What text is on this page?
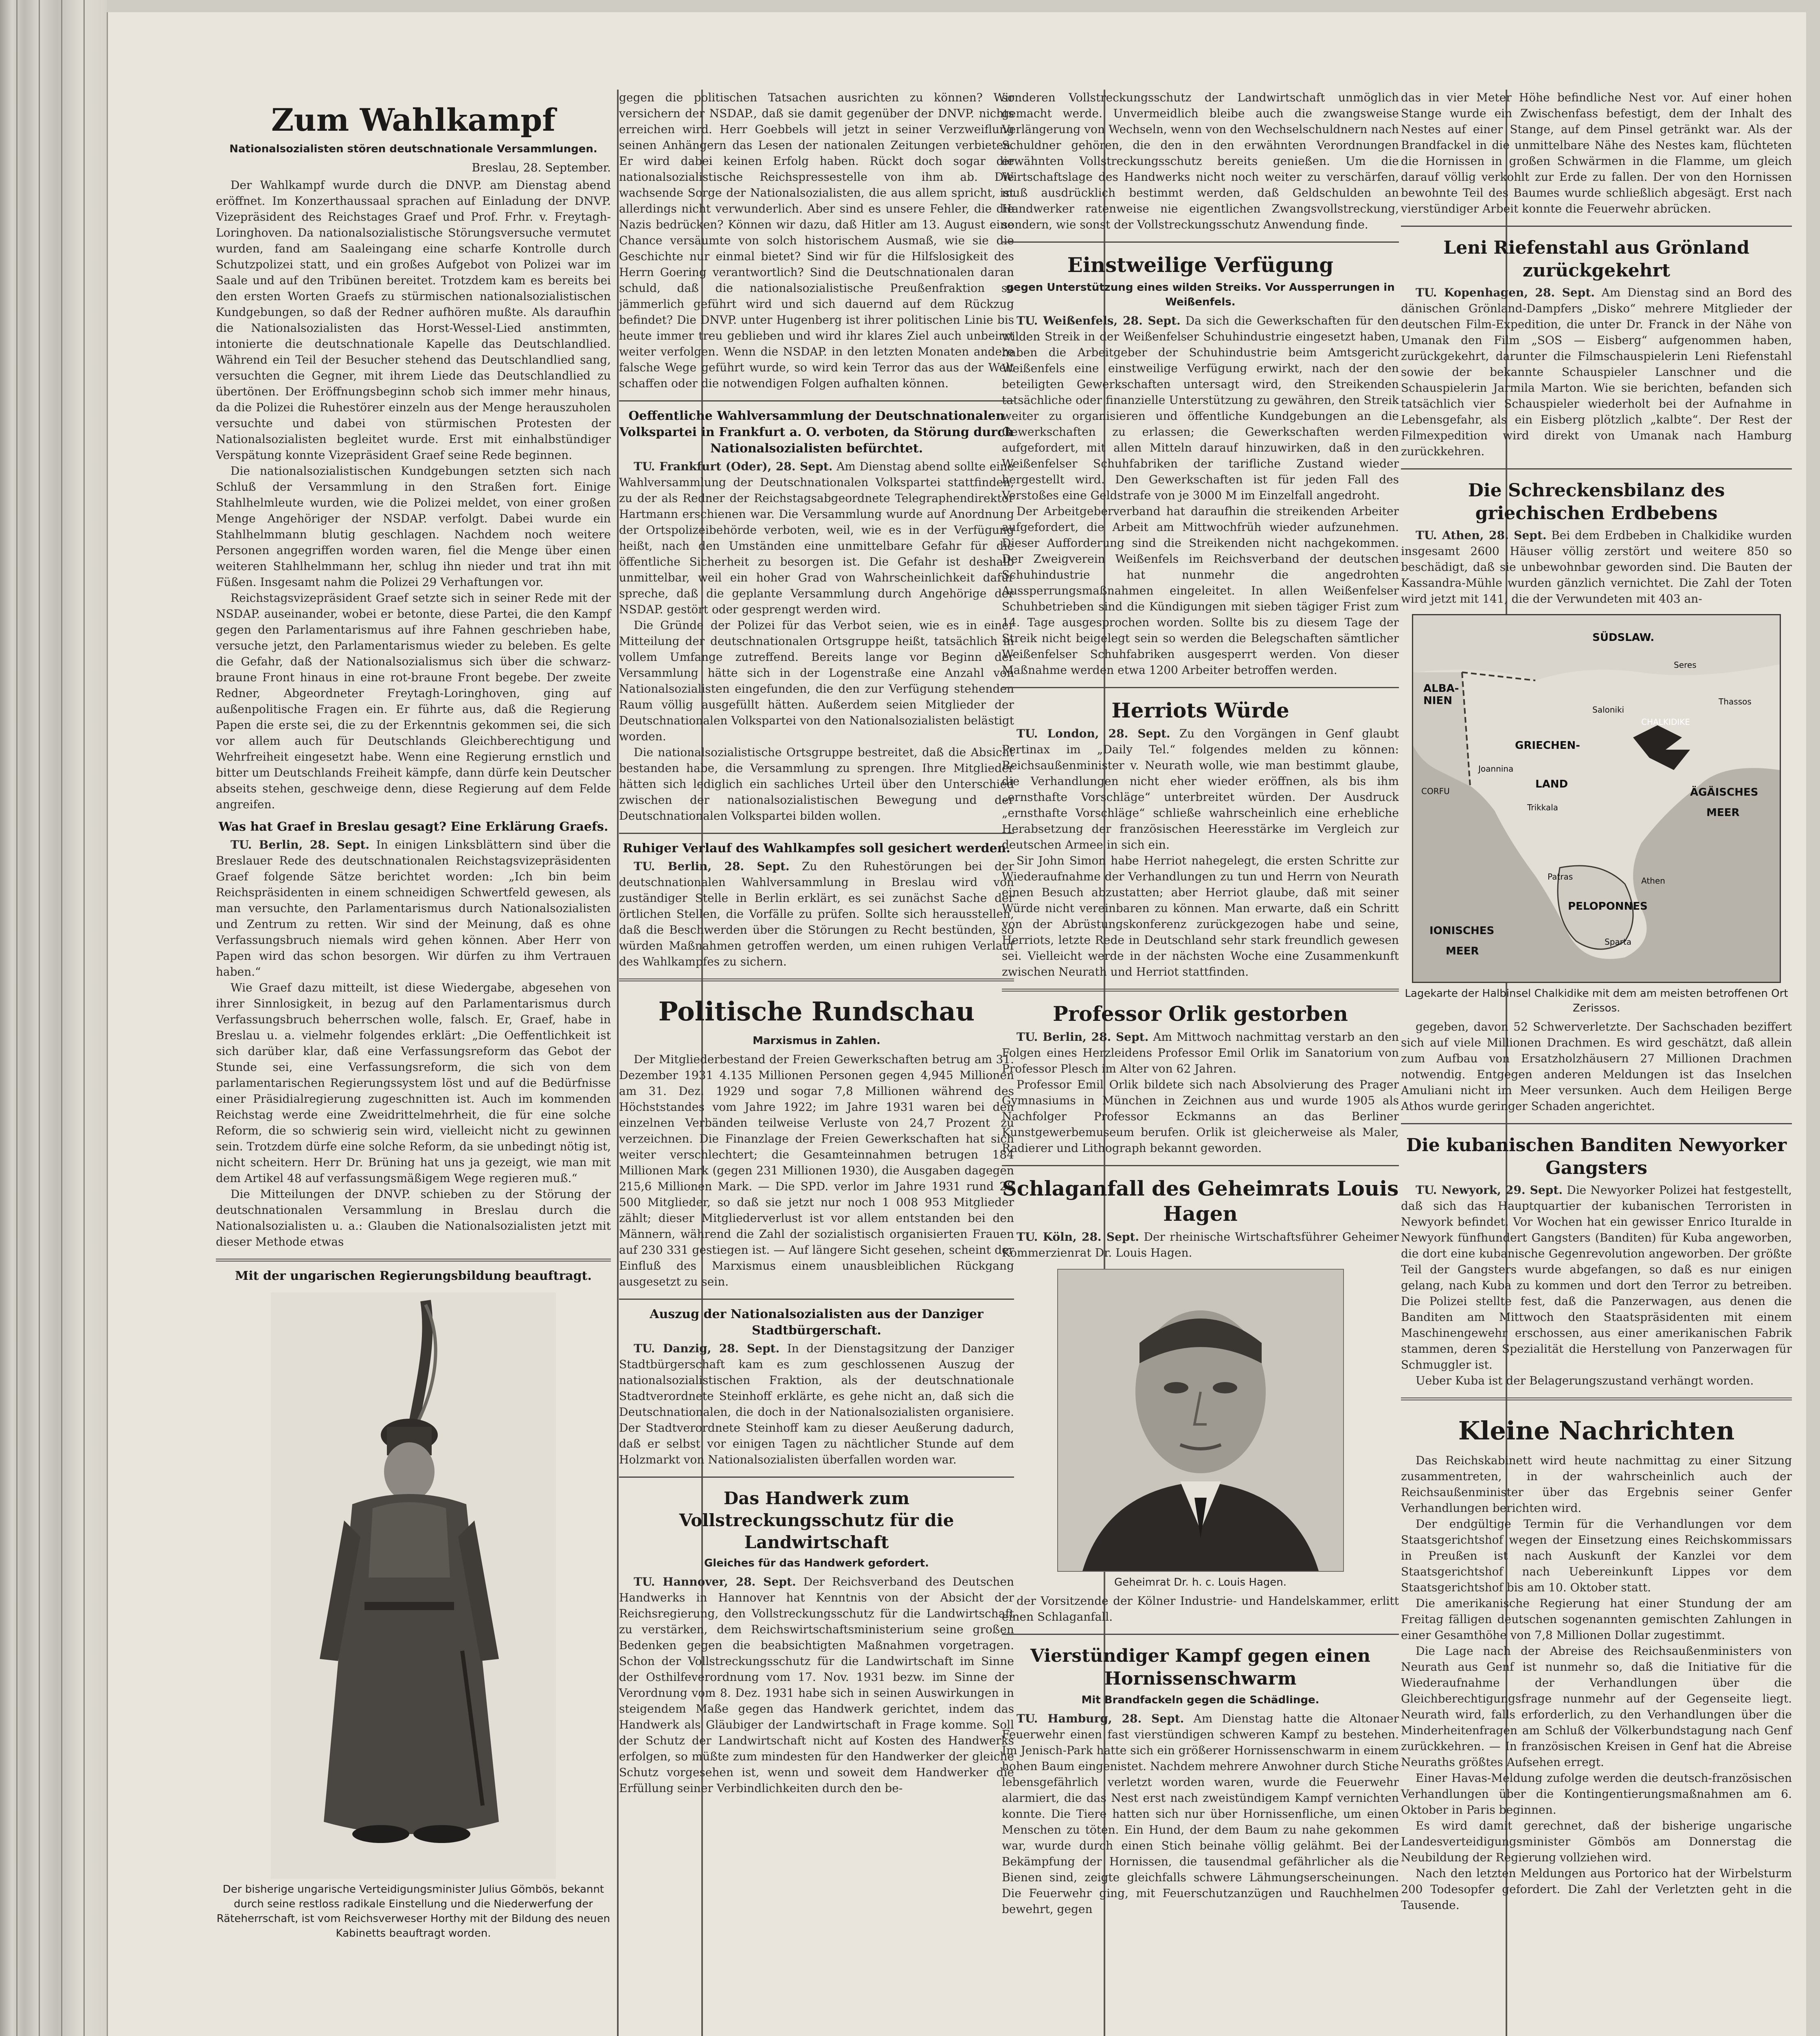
Zum Wahlkampf

Nationalsozialisten stören deutschnationale Versammlungen.

Breslau, 28. September.

Der Wahlkampf wurde durch die DNVP. am Dienstag abend eröffnet. Im Konzerthaussaal sprachen auf Einladung der DNVP. Vizepräsident des Reichstages Graef und Prof. Frhr. v. Freytagh-Loringhoven. Da nationalsozialistische Störungsversuche vermutet wurden, fand am Saaleingang eine scharfe Kontrolle durch Schutzpolizei statt, und ein großes Aufgebot von Polizei war im Saale und auf den Tribünen bereitet. Trotzdem kam es bereits bei den ersten Worten Graefs zu stürmischen nationalsozialistischen Kundgebungen, so daß der Redner aufhören mußte. Als daraufhin die Nationalsozialisten das Horst-Wessel-Lied anstimmten, intonierte die deutschnationale Kapelle das Deutschlandlied. Während ein Teil der Besucher stehend das Deutschlandlied sang, versuchten die Gegner, mit ihrem Liede das Deutschlandlied zu übertönen. Der Eröffnungsbeginn schob sich immer mehr hinaus, da die Polizei die Ruhestörer einzeln aus der Menge herauszuholen versuchte und dabei von stürmischen Protesten der Nationalsozialisten begleitet wurde. Erst mit einhalbstündiger Verspätung konnte Vizepräsident Graef seine Rede beginnen.

Die nationalsozialistischen Kundgebungen setzten sich nach Schluß der Versammlung in den Straßen fort. Einige Stahlhelmleute wurden, wie die Polizei meldet, von einer großen Menge Angehöriger der NSDAP. verfolgt. Dabei wurde ein Stahlhelmmann blutig geschlagen. Nachdem noch weitere Personen angegriffen worden waren, fiel die Menge über einen weiteren Stahlhelmmann her, schlug ihn nieder und trat ihn mit Füßen. Insgesamt nahm die Polizei 29 Verhaftungen vor.

Reichstagsvizepräsident Graef setzte sich in seiner Rede mit der NSDAP. auseinander, wobei er betonte, diese Partei, die den Kampf gegen den Parlamentarismus auf ihre Fahnen geschrieben habe, versuche jetzt, den Parlamentarismus wieder zu beleben. Es gelte die Gefahr, daß der Nationalsozialismus sich über die schwarz-braune Front hinaus in eine rot-braune Front begebe. Der zweite Redner, Abgeordneter Freytagh-Loringhoven, ging auf außenpolitische Fragen ein. Er führte aus, daß die Regierung Papen die erste sei, die zu der Erkenntnis gekommen sei, die sich vor allem auch für Deutschlands Gleichberechtigung und Wehrfreiheit eingesetzt habe. Wenn eine Regierung ernstlich und bitter um Deutschlands Freiheit kämpfe, dann dürfe kein Deutscher abseits stehen, geschweige denn, diese Regierung auf dem Felde angreifen.

Was hat Graef in Breslau gesagt? Eine Erklärung Graefs.

TU. Berlin, 28. Sept. In einigen Linksblättern sind über die Breslauer Rede des deutschnationalen Reichstagsvizepräsidenten Graef folgende Sätze berichtet worden: „Ich bin beim Reichspräsidenten in einem schneidigen Schwertfeld gewesen, als man versuchte, den Parlamentarismus durch Nationalsozialisten und Zentrum zu retten. Wir sind der Meinung, daß es ohne Verfassungsbruch niemals wird gehen können. Aber Herr von Papen wird das schon besorgen. Wir dürfen zu ihm Vertrauen haben.“

Wie Graef dazu mitteilt, ist diese Wiedergabe, abgesehen von ihrer Sinnlosigkeit, in bezug auf den Parlamentarismus durch Verfassungsbruch beherrschen wolle, falsch. Er, Graef, habe in Breslau u. a. vielmehr folgendes erklärt: „Die Oeffentlichkeit ist sich darüber klar, daß eine Verfassungsreform das Gebot der Stunde sei, eine Verfassungsreform, die sich von dem parlamentarischen Regierungssystem löst und auf die Bedürfnisse einer Präsidialregierung zugeschnitten ist. Auch im kommenden Reichstag werde eine Zweidrittelmehrheit, die für eine solche Reform, die so schwierig sein wird, vielleicht nicht zu gewinnen sein. Trotzdem dürfe eine solche Reform, da sie unbedingt nötig ist, nicht scheitern. Herr Dr. Brüning hat uns ja gezeigt, wie man mit dem Artikel 48 auf verfassungsmäßigem Wege regieren muß.“

Die Mitteilungen der DNVP. schieben zu der Störung der deutschnationalen Versammlung in Breslau durch die Nationalsozialisten u. a.: Glauben die Nationalsozialisten jetzt mit dieser Methode etwas

Mit der ungarischen Regierungsbildung beauftragt.

Der bisherige ungarische Verteidigungsminister Julius Gömbös, bekannt durch seine restloss radikale Einstellung und die Niederwerfung der Räteherrschaft, ist vom Reichsverweser Horthy mit der Bildung des neuen Kabinetts beauftragt worden.

gegen die politischen Tatsachen ausrichten zu können? Wir versichern der NSDAP., daß sie damit gegenüber der DNVP. nichts erreichen wird. Herr Goebbels will jetzt in seiner Verzweiflung seinen Anhängern das Lesen der nationalen Zeitungen verbieten. Er wird dabei keinen Erfolg haben. Rückt doch sogar die nationalsozialistische Reichspressestelle von ihm ab. Die wachsende Sorge der Nationalsozialisten, die aus allem spricht, ist allerdings nicht verwunderlich. Aber sind es unsere Fehler, die die Nazis bedrücken? Können wir dazu, daß Hitler am 13. August eine Chance versäumte von solch historischem Ausmaß, wie sie die Geschichte nur einmal bietet? Sind wir für die Hilfslosigkeit des Herrn Goering verantwortlich? Sind die Deutschnationalen daran schuld, daß die nationalsozialistische Preußenfraktion so jämmerlich geführt wird und sich dauernd auf dem Rückzug befindet? Die DNVP. unter Hugenberg ist ihrer politischen Linie bis heute immer treu geblieben und wird ihr klares Ziel auch unbeirrt weiter verfolgen. Wenn die NSDAP. in den letzten Monaten andere falsche Wege geführt wurde, so wird kein Terror das aus der Welt schaffen oder die notwendigen Folgen aufhalten können.

Oeffentliche Wahlversammlung der Deutschnationalen Volkspartei in Frankfurt a. O. verboten, da Störung durch Nationalsozialisten befürchtet.

TU. Frankfurt (Oder), 28. Sept. Am Dienstag abend sollte eine Wahlversammlung der Deutschnationalen Volkspartei stattfinden, zu der als Redner der Reichstagsabgeordnete Telegraphendirektor Hartmann erschienen war. Die Versammlung wurde auf Anordnung der Ortspolizeibehörde verboten, weil, wie es in der Verfügung heißt, nach den Umständen eine unmittelbare Gefahr für die öffentliche Sicherheit zu besorgen ist. Die Gefahr ist deshalb unmittelbar, weil ein hoher Grad von Wahrscheinlichkeit dafür spreche, daß die geplante Versammlung durch Angehörige der NSDAP. gestört oder gesprengt werden wird.

Die Gründe der Polizei für das Verbot seien, wie es in einer Mitteilung der deutschnationalen Ortsgruppe heißt, tatsächlich in vollem Umfange zutreffend. Bereits lange vor Beginn der Versammlung hätte sich in der Logenstraße eine Anzahl von Nationalsozialisten eingefunden, die den zur Verfügung stehenden Raum völlig ausgefüllt hätten. Außerdem seien Mitglieder der Deutschnationalen Volkspartei von den Nationalsozialisten belästigt worden.

Die nationalsozialistische Ortsgruppe bestreitet, daß die Absicht bestanden habe, die Versammlung zu sprengen. Ihre Mitglieder hätten sich lediglich ein sachliches Urteil über den Unterschied zwischen der nationalsozialistischen Bewegung und der Deutschnationalen Volkspartei bilden wollen.

Ruhiger Verlauf des Wahlkampfes soll gesichert werden.

TU. Berlin, 28. Sept. Zu den Ruhestörungen bei der deutschnationalen Wahlversammlung in Breslau wird von zuständiger Stelle in Berlin erklärt, es sei zunächst Sache der örtlichen Stellen, die Vorfälle zu prüfen. Sollte sich herausstellen, daß die Beschwerden über die Störungen zu Recht bestünden, so würden Maßnahmen getroffen werden, um einen ruhigen Verlauf des Wahlkampfes zu sichern.

Politische Rundschau

Marxismus in Zahlen.

Der Mitgliederbestand der Freien Gewerkschaften betrug am 31. Dezember 1931 4.135 Millionen Personen gegen 4,945 Millionen am 31. Dez. 1929 und sogar 7,8 Millionen während des Höchststandes vom Jahre 1922; im Jahre 1931 waren bei den einzelnen Verbänden teilweise Verluste von 24,7 Prozent zu verzeichnen. Die Finanzlage der Freien Gewerkschaften hat sich weiter verschlechtert; die Gesamteinnahmen betrugen 184 Millionen Mark (gegen 231 Millionen 1930), die Ausgaben dagegen 215,6 Millionen Mark. — Die SPD. verlor im Jahre 1931 rund 28 500 Mitglieder, so daß sie jetzt nur noch 1 008 953 Mitglieder zählt; dieser Mitgliederverlust ist vor allem entstanden bei den Männern, während die Zahl der sozialistisch organisierten Frauen auf 230 331 gestiegen ist. — Auf längere Sicht gesehen, scheint der Einfluß des Marxismus einem unausbleiblichen Rückgang ausgesetzt zu sein.

Auszug der Nationalsozialisten aus der Danziger Stadtbürgerschaft.

TU. Danzig, 28. Sept. In der Dienstagsitzung der Danziger Stadtbürgerschaft kam es zum geschlossenen Auszug der nationalsozialistischen Fraktion, als der deutschnationale Stadtverordnete Steinhoff erklärte, es gehe nicht an, daß sich die Deutschnationalen, die doch in der Nationalsozialisten organisiere. Der Stadtverordnete Steinhoff kam zu dieser Aeußerung dadurch, daß er selbst vor einigen Tagen zu nächtlicher Stunde auf dem Holzmarkt von Nationalsozialisten überfallen worden war.

Das Handwerk zum Vollstreckungsschutz für die Landwirtschaft

Gleiches für das Handwerk gefordert.

TU. Hannover, 28. Sept. Der Reichsverband des Deutschen Handwerks in Hannover hat Kenntnis von der Absicht der Reichsregierung, den Vollstreckungsschutz für die Landwirtschaft zu verstärken, dem Reichswirtschaftsministerium seine großen Bedenken gegen die beabsichtigten Maßnahmen vorgetragen. Schon der Vollstreckungsschutz für die Landwirtschaft im Sinne der Osthilfeverordnung vom 17. Nov. 1931 bezw. im Sinne der Verordnung vom 8. Dez. 1931 habe sich in seinen Auswirkungen in steigendem Maße gegen das Handwerk gerichtet, indem das Handwerk als Gläubiger der Landwirtschaft in Frage komme. Soll der Schutz der Landwirtschaft nicht auf Kosten des Handwerks erfolgen, so müßte zum mindesten für den Handwerker der gleiche Schutz vorgesehen ist, wenn und soweit dem Handwerker die Erfüllung seiner Verbindlichkeiten durch den be-

sonderen Vollstreckungsschutz der Landwirtschaft unmöglich gemacht werde. Unvermeidlich bleibe auch die zwangsweise Verlängerung von Wechseln, wenn von den Wechselschuldnern nach Schuldner gehören, die den in den erwähnten Verordnungen erwähnten Vollstreckungsschutz bereits genießen. Um die Wirtschaftslage des Handwerks nicht noch weiter zu verschärfen, muß ausdrücklich bestimmt werden, daß Geldschulden an Handwerker ratenweise nie eigentlichen Zwangsvollstreckung, sondern, wie sonst der Vollstreckungsschutz Anwendung finde.

Einstweilige Verfügung

gegen Unterstützung eines wilden Streiks. Vor Aussperrungen in Weißenfels.

TU. Weißenfels, 28. Sept. Da sich die Gewerkschaften für den wilden Streik in der Weißenfelser Schuhindustrie eingesetzt haben, haben die Arbeitgeber der Schuhindustrie beim Amtsgericht Weißenfels eine einstweilige Verfügung erwirkt, nach der den beteiligten Gewerkschaften untersagt wird, den Streikenden tatsächliche oder finanzielle Unterstützung zu gewähren, den Streik weiter zu organisieren und öffentliche Kundgebungen an die Gewerkschaften zu erlassen; die Gewerkschaften werden aufgefordert, mit allen Mitteln darauf hinzuwirken, daß in den Weißenfelser Schuhfabriken der tarifliche Zustand wieder hergestellt wird. Den Gewerkschaften ist für jeden Fall des Verstoßes eine Geldstrafe von je 3000 M im Einzelfall angedroht.

Der Arbeitgeberverband hat daraufhin die streikenden Arbeiter aufgefordert, die Arbeit am Mittwochfrüh wieder aufzunehmen. Dieser Aufforderung sind die Streikenden nicht nachgekommen. Der Zweigverein Weißenfels im Reichsverband der deutschen Schuhindustrie hat nunmehr die angedrohten Aussperrungsmaßnahmen eingeleitet. In allen Weißenfelser Schuhbetrieben sind die Kündigungen mit sieben tägiger Frist zum 14. Tage ausgesprochen worden. Sollte bis zu diesem Tage der Streik nicht beigelegt sein so werden die Belegschaften sämtlicher Weißenfelser Schuhfabriken ausgesperrt werden. Von dieser Maßnahme werden etwa 1200 Arbeiter betroffen werden.

Herriots Würde

TU. London, 28. Sept. Zu den Vorgängen in Genf glaubt Pertinax im „Daily Tel.“ folgendes melden zu können: Reichsaußenminister v. Neurath wolle, wie man bestimmt glaube, die Verhandlungen nicht eher wieder eröffnen, als bis ihm „ernsthafte Vorschläge“ unterbreitet würden. Der Ausdruck „ernsthafte Vorschläge“ schließe wahrscheinlich eine erhebliche Herabsetzung der französischen Heeresstärke im Vergleich zur deutschen Armee in sich ein.

Sir John Simon habe Herriot nahegelegt, die ersten Schritte zur Wiederaufnahme der Verhandlungen zu tun und Herrn von Neurath einen Besuch abzustatten; aber Herriot glaube, daß mit seiner Würde nicht vereinbaren zu können. Man erwarte, daß ein Schritt von der Abrüstungskonferenz zurückgezogen habe und seine, Herriots, letzte Rede in Deutschland sehr stark freundlich gewesen sei. Vielleicht werde in der nächsten Woche eine Zusammenkunft zwischen Neurath und Herriot stattfinden.

Professor Orlik gestorben

TU. Berlin, 28. Sept. Am Mittwoch nachmittag verstarb an den Folgen eines Herzleidens Professor Emil Orlik im Sanatorium von Professor Plesch im Alter von 62 Jahren.

Professor Emil Orlik bildete sich nach Absolvierung des Prager Gymnasiums in München in Zeichnen aus und wurde 1905 als Nachfolger Professor Eckmanns an das Berliner Kunstgewerbemuseum berufen. Orlik ist gleicherweise als Maler, Radierer und Lithograph bekannt geworden.

Schlaganfall des Geheimrats Louis Hagen

TU. Köln, 28. Sept. Der rheinische Wirtschaftsführer Geheimer Kommerzienrat Dr. Louis Hagen.

Geheimrat Dr. h. c. Louis Hagen.

der Vorsitzende der Kölner Industrie- und Handelskammer, erlitt einen Schlaganfall.

Vierstündiger Kampf gegen einen Hornissenschwarm

Mit Brandfackeln gegen die Schädlinge.

TU. Hamburg, 28. Sept. Am Dienstag hatte die Altonaer Feuerwehr einen fast vierstündigen schweren Kampf zu bestehen. Im Jenisch-Park hatte sich ein größerer Hornissenschwarm in einem hohen Baum eingenistet. Nachdem mehrere Anwohner durch Stiche lebensgefährlich verletzt worden waren, wurde die Feuerwehr alarmiert, die das Nest erst nach zweistündigem Kampf vernichten konnte. Die Tiere hatten sich nur über Hornissenfliche, um einen Menschen zu töten. Ein Hund, der dem Baum zu nahe gekommen war, wurde durch einen Stich beinahe völlig gelähmt. Bei der Bekämpfung der Hornissen, die tausendmal gefährlicher als die Bienen sind, zeigte gleichfalls schwere Lähmungserscheinungen. Die Feuerwehr ging, mit Feuerschutzanzügen und Rauchhelmen bewehrt, gegen

das in vier Meter Höhe befindliche Nest vor. Auf einer hohen Stange wurde ein Zwischenfass befestigt, dem der Inhalt des Nestes auf einer Stange, auf dem Pinsel getränkt war. Als der Brandfackel in die unmittelbare Nähe des Nestes kam, flüchteten die Hornissen in großen Schwärmen in die Flamme, um gleich darauf völlig verkohlt zur Erde zu fallen. Der von den Hornissen bewohnte Teil des Baumes wurde schließlich abgesägt. Erst nach vierstündiger Arbeit konnte die Feuerwehr abrücken.

Leni Riefenstahl aus Grönland zurückgekehrt

TU. Kopenhagen, 28. Sept. Am Dienstag sind an Bord des dänischen Grönland-Dampfers „Disko“ mehrere Mitglieder der deutschen Film-Expedition, die unter Dr. Franck in der Nähe von Umanak den Film „SOS — Eisberg“ aufgenommen haben, zurückgekehrt, darunter die Filmschauspielerin Leni Riefenstahl sowie der bekannte Schauspieler Lanschner und die Schauspielerin Jarmila Marton. Wie sie berichten, befanden sich tatsächlich vier Schauspieler wiederholt bei der Aufnahme in Lebensgefahr, als ein Eisberg plötzlich „kalbte“. Der Rest der Filmexpedition wird direkt von Umanak nach Hamburg zurückkehren.

Die Schreckensbilanz des griechischen Erdbebens

TU. Athen, 28. Sept. Bei dem Erdbeben in Chalkidike wurden insgesamt 2600 Häuser völlig zerstört und weitere 850 so beschädigt, daß sie unbewohnbar geworden sind. Die Bauten der Kassandra-Mühle wurden gänzlich vernichtet. Die Zahl der Toten wird jetzt mit 141, die der Verwundeten mit 403 an-

SÜDSLAW.
ALBA-
NIEN
Seres
Saloniki
CHALKIDIKE
Thassos
GRIECHEN-
LAND
Joannina
Trikkala
ÄGÄISCHES
MEER
CORFU
Patras	Athen
PELOPONNES
Sparta
IONISCHES
MEER

Lagekarte der Halbinsel Chalkidike mit dem am meisten betroffenen Ort Zerissos.

gegeben, davon 52 Schwerverletzte. Der Sachschaden beziffert sich auf viele Millionen Drachmen. Es wird geschätzt, daß allein zum Aufbau von Ersatzholzhäusern 27 Millionen Drachmen notwendig. Entgegen anderen Meldungen ist das Inselchen Amuliani nicht im Meer versunken. Auch dem Heiligen Berge Athos wurde geringer Schaden angerichtet.

Die kubanischen Banditen Newyorker Gangsters

TU. Newyork, 29. Sept. Die Newyorker Polizei hat festgestellt, daß sich das Hauptquartier der kubanischen Terroristen in Newyork befindet. Vor Wochen hat ein gewisser Enrico Ituralde in Newyork fünfhundert Gangsters (Banditen) für Kuba angeworben, die dort eine kubanische Gegenrevolution angeworben. Der größte Teil der Gangsters wurde abgefangen, so daß es nur einigen gelang, nach Kuba zu kommen und dort den Terror zu betreiben. Die Polizei stellte fest, daß die Panzerwagen, aus denen die Banditen am Mittwoch den Staatspräsidenten mit einem Maschinengewehr erschossen, aus einer amerikanischen Fabrik stammen, deren Spezialität die Herstellung von Panzerwagen für Schmuggler ist.

Ueber Kuba ist der Belagerungszustand verhängt worden.

Kleine Nachrichten

Das Reichskabinett wird heute nachmittag zu einer Sitzung zusammentreten, in der wahrscheinlich auch der Reichsaußenminister über das Ergebnis seiner Genfer Verhandlungen berichten wird.

Der endgültige Termin für die Verhandlungen vor dem Staatsgerichtshof wegen der Einsetzung eines Reichskommissars in Preußen ist nach Auskunft der Kanzlei vor dem Staatsgerichtshof nach Uebereinkunft Lippes vor dem Staatsgerichtshof bis am 10. Oktober statt.

Die amerikanische Regierung hat einer Stundung der am Freitag fälligen deutschen sogenannten gemischten Zahlungen in einer Gesamthöhe von 7,8 Millionen Dollar zugestimmt.

Die Lage nach der Abreise des Reichsaußenministers von Neurath aus Genf ist nunmehr so, daß die Initiative für die Wiederaufnahme der Verhandlungen über die Gleichberechtigungsfrage nunmehr auf der Gegenseite liegt. Neurath wird, falls erforderlich, zu den Verhandlungen über die Minderheitenfragen am Schluß der Völkerbundstagung nach Genf zurückkehren. — In französischen Kreisen in Genf hat die Abreise Neuraths größtes Aufsehen erregt.

Einer Havas-Meldung zufolge werden die deutsch-französischen Verhandlungen über die Kontingentierungsmaßnahmen am 6. Oktober in Paris beginnen.

Es wird damit gerechnet, daß der bisherige ungarische Landesverteidigungsminister Gömbös am Donnerstag die Neubildung der Regierung vollziehen wird.

Nach den letzten Meldungen aus Portorico hat der Wirbelsturm 200 Todesopfer gefordert. Die Zahl der Verletzten geht in die Tausende.
